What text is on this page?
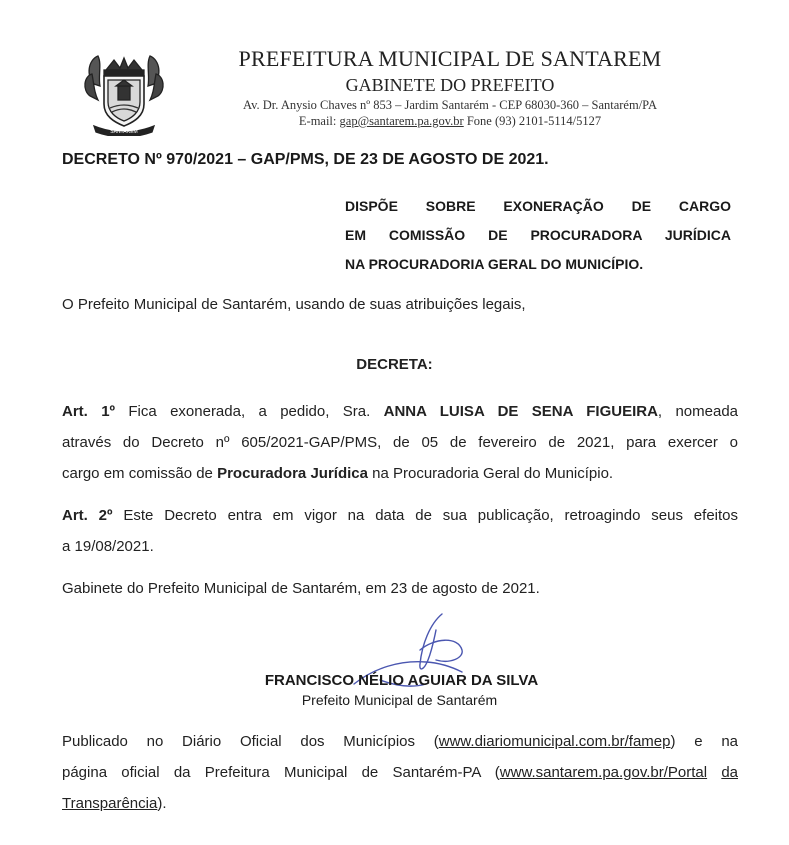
SANTAREM
PREFEITURA MUNICIPAL DE SANTAREM
GABINETE DO PREFEITO
Av. Dr. Anysio Chaves nº 853 – Jardim Santarém - CEP 68030-360 – Santarém/PA
E-mail: gap@santarem.pa.gov.br Fone (93) 2101-5114/5127
DECRETO Nº 970/2021 – GAP/PMS, DE 23 DE AGOSTO DE 2021.
DISPÕE SOBRE EXONERAÇÃO DE CARGO
EM COMISSÃO DE PROCURADORA JURÍDICA
NA PROCURADORIA GERAL DO MUNICÍPIO.
O Prefeito Municipal de Santarém, usando de suas atribuições legais,
DECRETA:
Art. 1º Fica exonerada, a pedido, Sra. ANNA LUISA DE SENA FIGUEIRA, nomeada
através do Decreto nº 605/2021-GAP/PMS, de 05 de fevereiro de 2021, para exercer o
cargo em comissão de Procuradora Jurídica na Procuradoria Geral do Município.
Art. 2º Este Decreto entra em vigor na data de sua publicação, retroagindo seus efeitos
a 19/08/2021.
Gabinete do Prefeito Municipal de Santarém, em 23 de agosto de 2021.
FRANCISCO NÉLIO AGUIAR DA SILVA
Prefeito Municipal de Santarém
Publicado no Diário Oficial dos Municípios (www.diariomunicipal.com.br/famep) e na
página oficial da Prefeitura Municipal de Santarém-PA (www.santarem.pa.gov.br/Portal da
Transparência).
